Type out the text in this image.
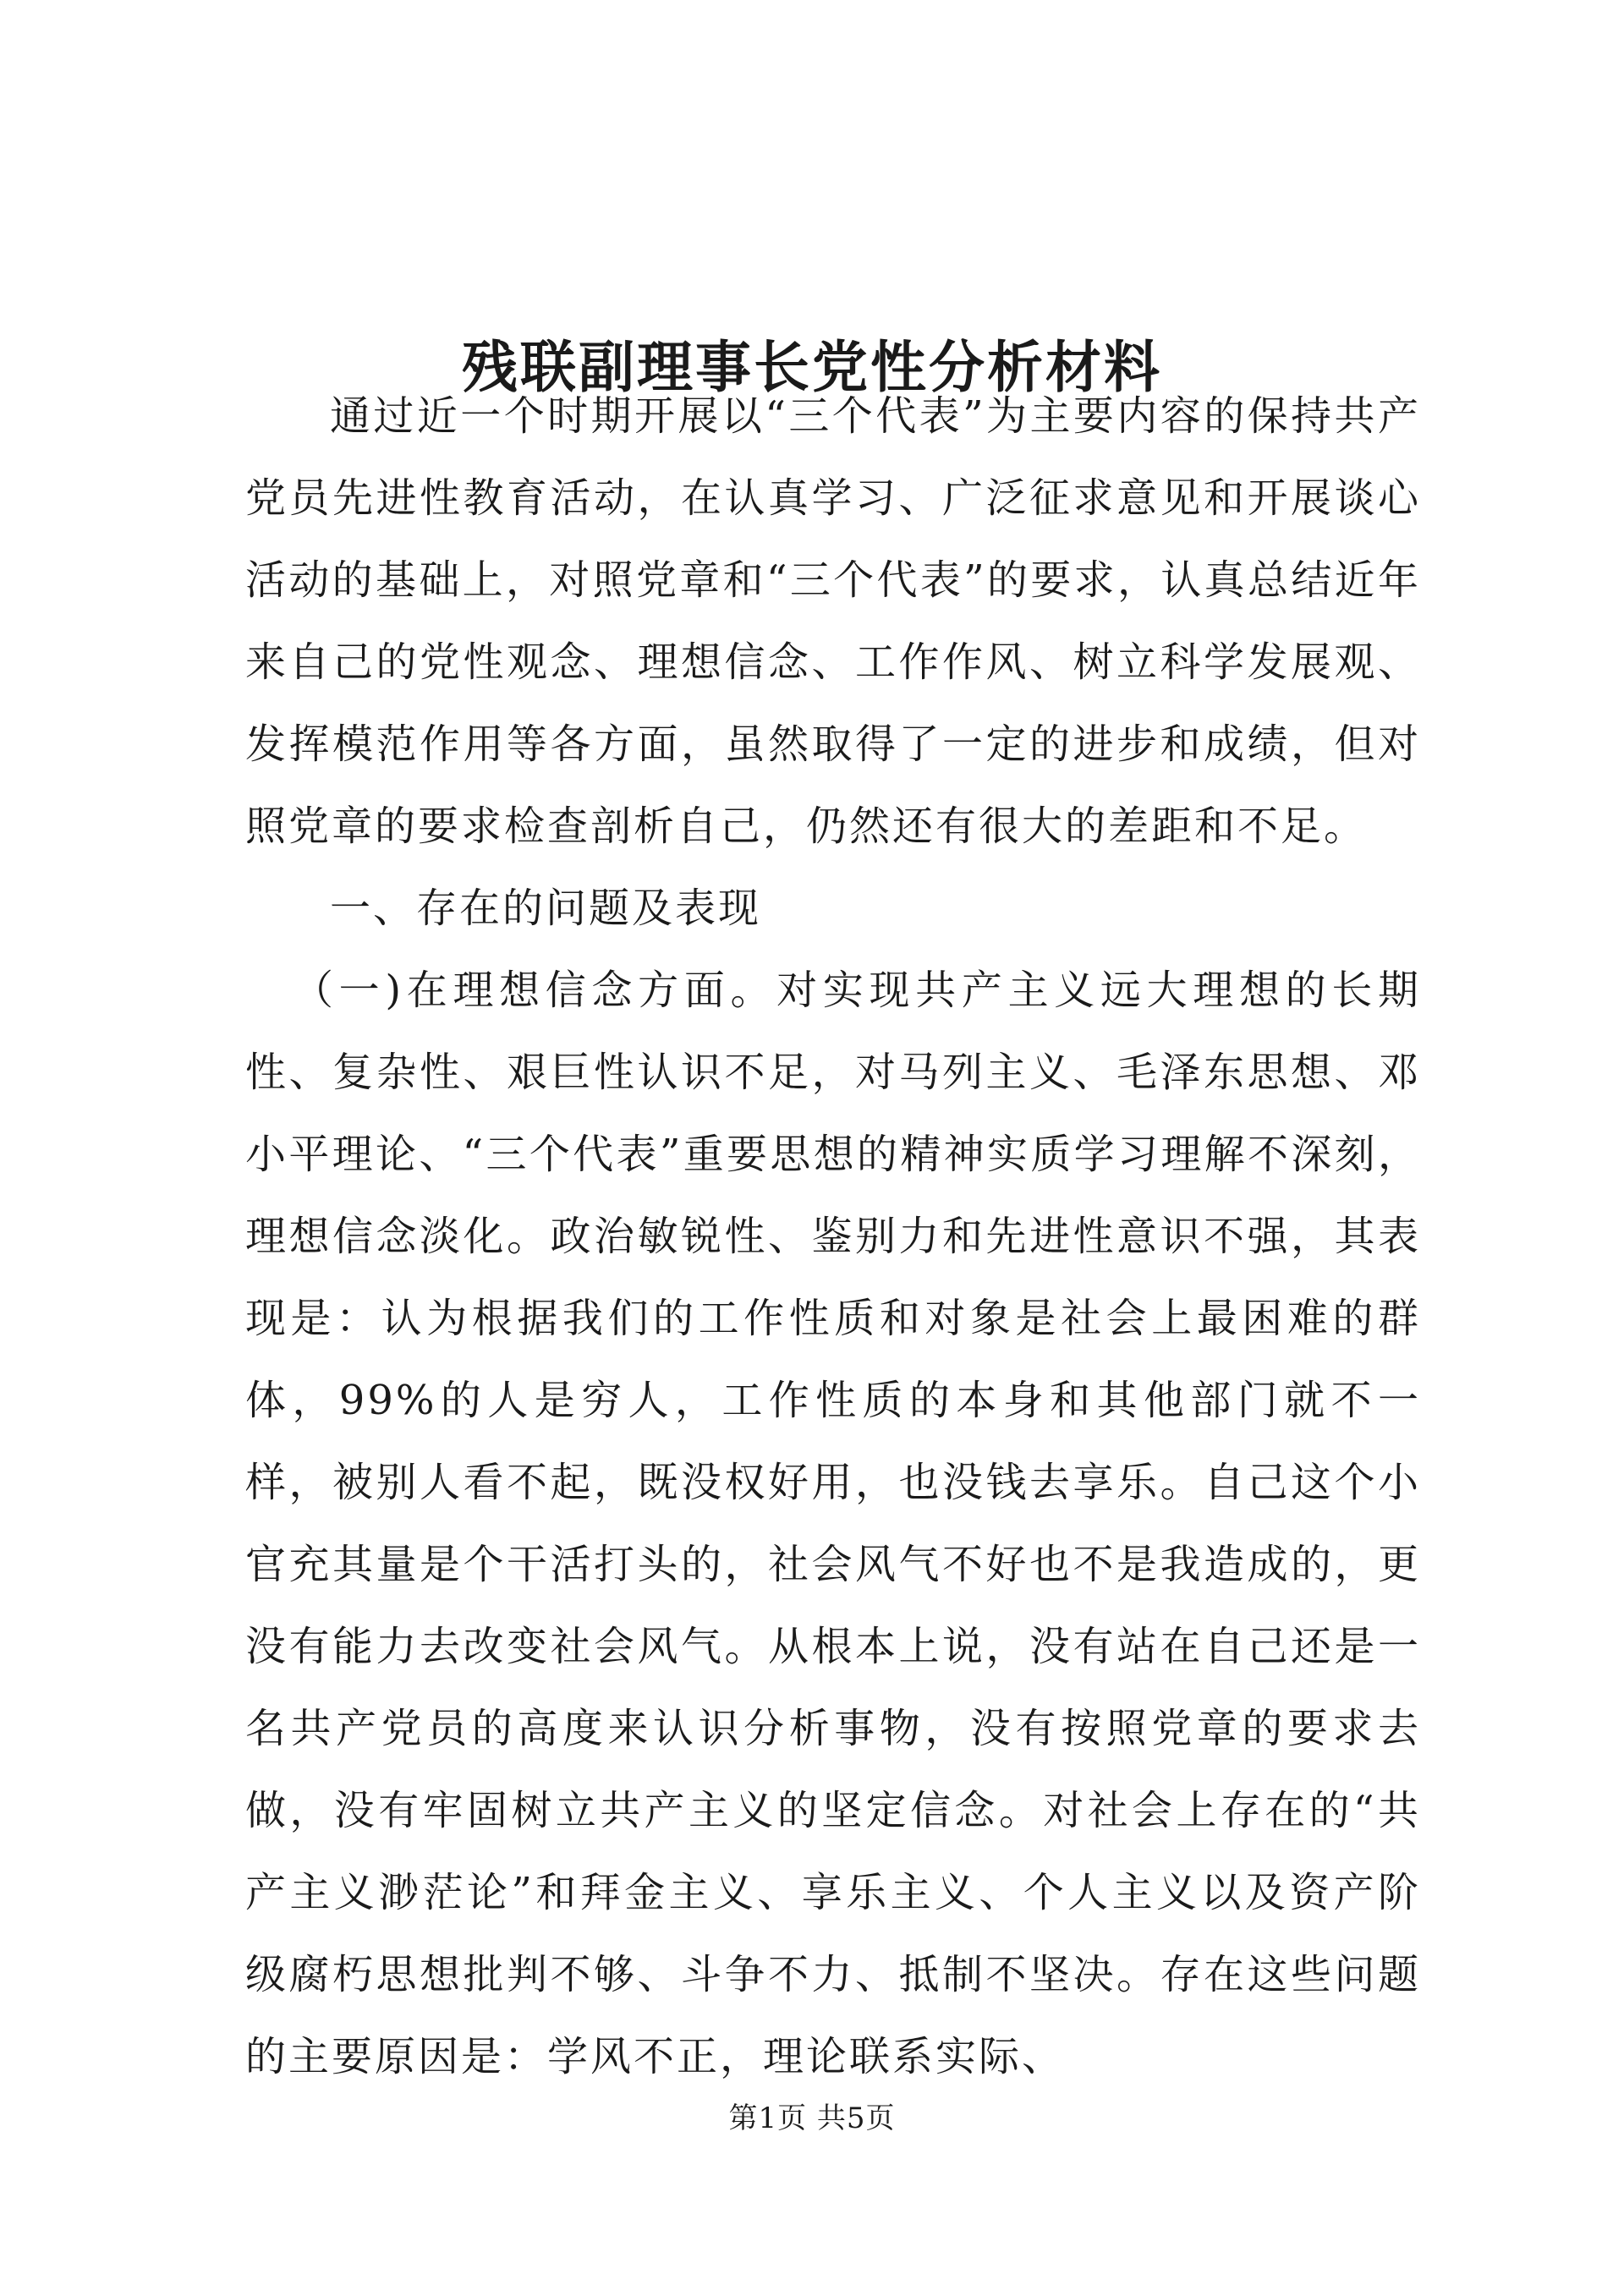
残联副理事长党性分析材料

通过近一个时期开展以“三个代表”为主要内容的保持共产党员先进性教育活动，在认真学习、广泛征求意见和开展谈心活动的基础上，对照党章和“三个代表”的要求，认真总结近年来自己的党性观念、理想信念、工作作风、树立科学发展观、发挥模范作用等各方面，虽然取得了一定的进步和成绩，但对照党章的要求检查剖析自己，仍然还有很大的差距和不足。

一、存在的问题及表现

（一)在理想信念方面。对实现共产主义远大理想的长期性、复杂性、艰巨性认识不足，对马列主义、毛泽东思想、邓小平理论、“三个代表”重要思想的精神实质学习理解不深刻，理想信念淡化。政治敏锐性、鉴别力和先进性意识不强，其表现是：认为根据我们的工作性质和对象是社会上最困难的群体，99%的人是穷人，工作性质的本身和其他部门就不一样，被别人看不起，既没权好用，也没钱去享乐。自己这个小官充其量是个干活打头的，社会风气不好也不是我造成的，更没有能力去改变社会风气。从根本上说，没有站在自己还是一名共产党员的高度来认识分析事物，没有按照党章的要求去做，没有牢固树立共产主义的坚定信念。对社会上存在的“共产主义渺茫论”和拜金主义、享乐主义、个人主义以及资产阶级腐朽思想批判不够、斗争不力、抵制不坚决。存在这些问题的主要原因是：学风不正，理论联系实际、

第1页 共5页
